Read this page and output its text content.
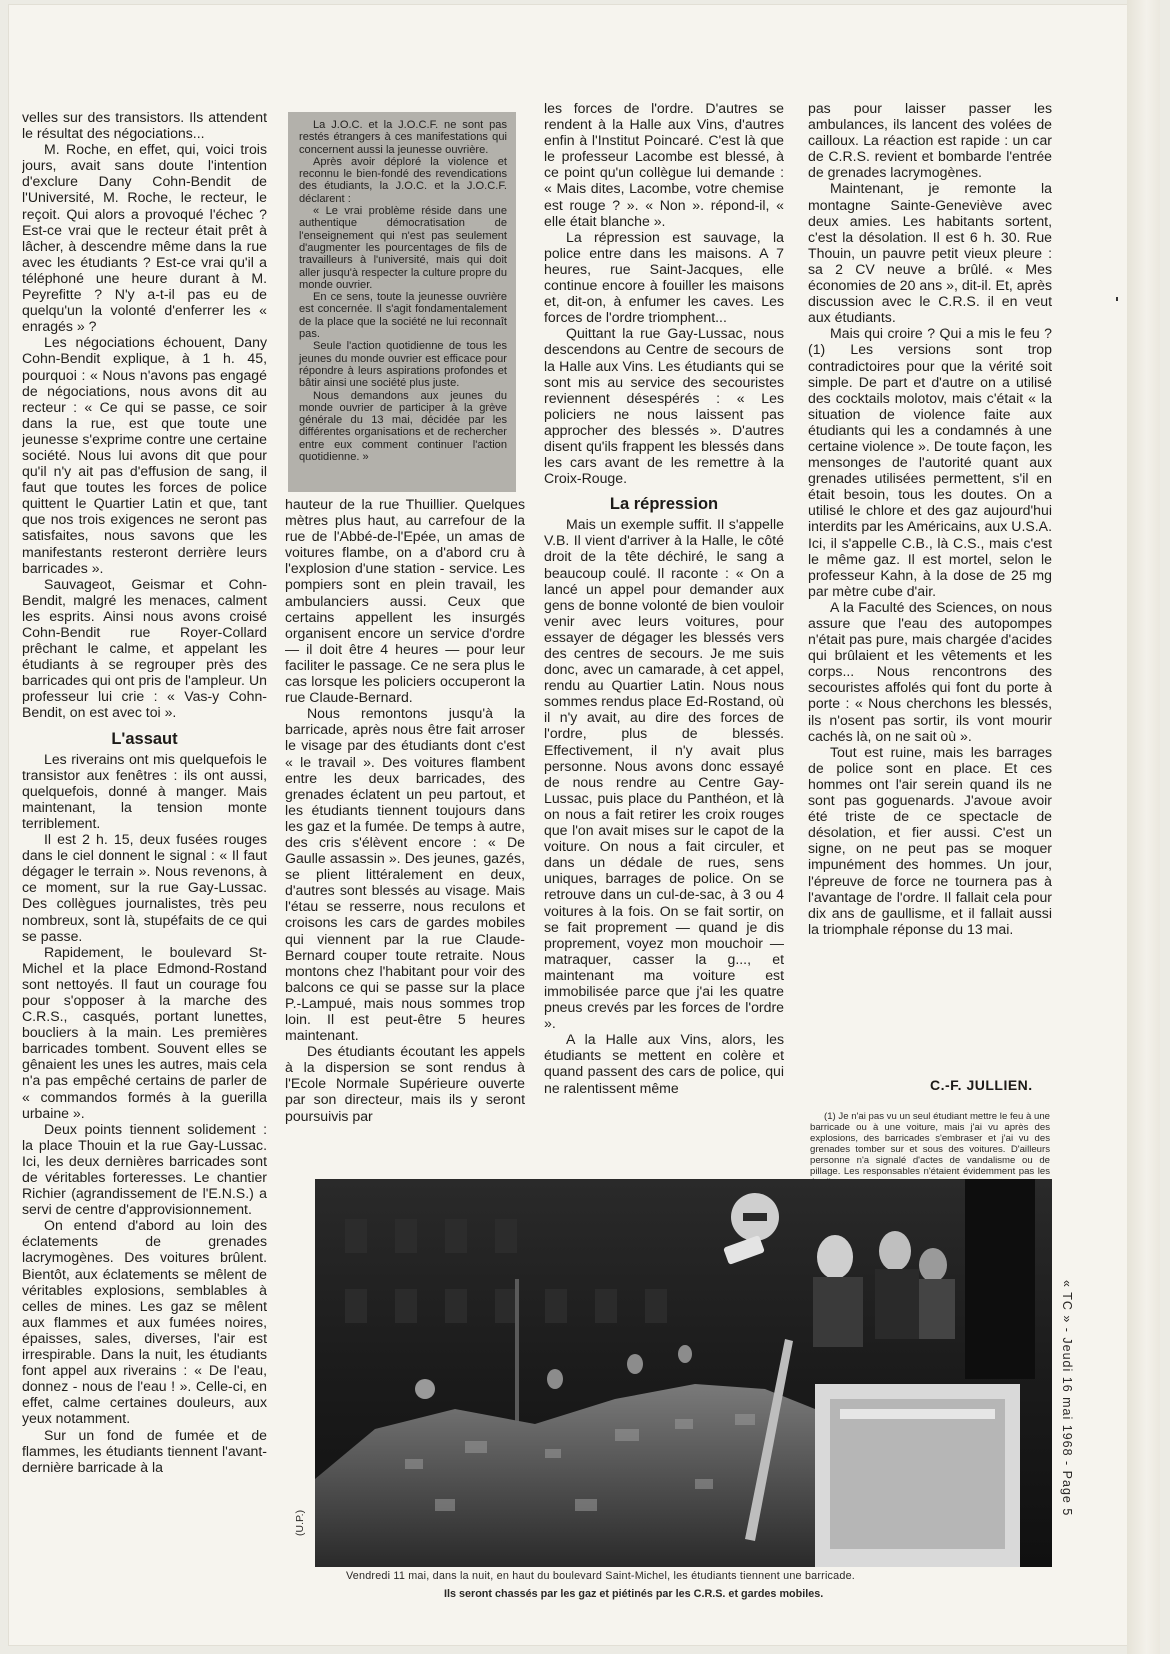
velles sur des transistors. Ils attendent le résultat des négociations...

M. Roche, en effet, qui, voici trois jours, avait sans doute l'intention d'exclure Dany Cohn-Bendit de l'Université, M. Roche, le recteur, le reçoit. Qui alors a provoqué l'échec ? Est-ce vrai que le recteur était prêt à lâcher, à descendre même dans la rue avec les étudiants ? Est-ce vrai qu'il a téléphoné une heure durant à M. Peyrefitte ? N'y a-t-il pas eu de quelqu'un la volonté d'enferrer les « enragés » ?

Les négociations échouent, Dany Cohn-Bendit explique, à 1 h. 45, pourquoi : « Nous n'avons pas engagé de négociations, nous avons dit au recteur : « Ce qui se passe, ce soir dans la rue, est que toute une jeunesse s'exprime contre une certaine société. Nous lui avons dit que pour qu'il n'y ait pas d'effusion de sang, il faut que toutes les forces de police quittent le Quartier Latin et que, tant que nos trois exigences ne seront pas satisfaites, nous savons que les manifestants resteront derrière leurs barricades ».

Sauvageot, Geismar et Cohn-Bendit, malgré les menaces, calment les esprits. Ainsi nous avons croisé Cohn-Bendit rue Royer-Collard prêchant le calme, et appelant les étudiants à se regrouper près des barricades qui ont pris de l'ampleur. Un professeur lui crie : « Vas-y Cohn-Bendit, on est avec toi ».

L'assaut

Les riverains ont mis quelquefois le transistor aux fenêtres : ils ont aussi, quelquefois, donné à manger. Mais maintenant, la tension monte terriblement.

Il est 2 h. 15, deux fusées rouges dans le ciel donnent le signal : « Il faut dégager le terrain ». Nous revenons, à ce moment, sur la rue Gay-Lussac. Des collègues journalistes, très peu nombreux, sont là, stupéfaits de ce qui se passe.

Rapidement, le boulevard St-Michel et la place Edmond-Rostand sont nettoyés. Il faut un courage fou pour s'opposer à la marche des C.R.S., casqués, portant lunettes, boucliers à la main. Les premières barricades tombent. Souvent elles se gênaient les unes les autres, mais cela n'a pas empêché certains de parler de « commandos formés à la guerilla urbaine ».

Deux points tiennent solidement : la place Thouin et la rue Gay-Lussac. Ici, les deux dernières barricades sont de véritables forteresses. Le chantier Richier (agrandissement de l'E.N.S.) a servi de centre d'approvisionnement.

On entend d'abord au loin des éclatements de grenades lacrymogènes. Des voitures brûlent. Bientôt, aux éclatements se mêlent de véritables explosions, semblables à celles de mines. Les gaz se mêlent aux flammes et aux fumées noires, épaisses, sales, diverses, l'air est irrespirable. Dans la nuit, les étudiants font appel aux riverains : « De l'eau, donnez - nous de l'eau ! ». Celle-ci, en effet, calme certaines douleurs, aux yeux notamment.

Sur un fond de fumée et de flammes, les étudiants tiennent l'avant-dernière barricade à la

La J.O.C. et la J.O.C.F. ne sont pas restés étrangers à ces manifestations qui concernent aussi la jeunesse ouvrière.

Après avoir déploré la violence et reconnu le bien-fondé des revendications des étudiants, la J.O.C. et la J.O.C.F. déclarent :

« Le vrai problème réside dans une authentique démocratisation de l'enseignement qui n'est pas seulement d'augmenter les pourcentages de fils de travailleurs à l'université, mais qui doit aller jusqu'à respecter la culture propre du monde ouvrier.

En ce sens, toute la jeunesse ouvrière est concernée. Il s'agit fondamentalement de la place que la société ne lui reconnaît pas.

Seule l'action quotidienne de tous les jeunes du monde ouvrier est efficace pour répondre à leurs aspirations profondes et bâtir ainsi une société plus juste.

Nous demandons aux jeunes du monde ouvrier de participer à la grève générale du 13 mai, décidée par les différentes organisations et de rechercher entre eux comment continuer l'action quotidienne. »

hauteur de la rue Thuillier. Quelques mètres plus haut, au carrefour de la rue de l'Abbé-de-l'Epée, un amas de voitures flambe, on a d'abord cru à l'explosion d'une station - service. Les pompiers sont en plein travail, les ambulanciers aussi. Ceux que certains appellent les insurgés organisent encore un service d'ordre — il doit être 4 heures — pour leur faciliter le passage. Ce ne sera plus le cas lorsque les policiers occuperont la rue Claude-Bernard.

Nous remontons jusqu'à la barricade, après nous être fait arroser le visage par des étudiants dont c'est « le travail ». Des voitures flambent entre les deux barricades, des grenades éclatent un peu partout, et les étudiants tiennent toujours dans les gaz et la fumée. De temps à autre, des cris s'élèvent encore : « De Gaulle assassin ». Des jeunes, gazés, se plient littéralement en deux, d'autres sont blessés au visage. Mais l'étau se resserre, nous reculons et croisons les cars de gardes mobiles qui viennent par la rue Claude-Bernard couper toute retraite. Nous montons chez l'habitant pour voir des balcons ce qui se passe sur la place P.-Lampué, mais nous sommes trop loin. Il est peut-être 5 heures maintenant.

Des étudiants écoutant les appels à la dispersion se sont rendus à l'Ecole Normale Supérieure ouverte par son directeur, mais ils y seront poursuivis par

les forces de l'ordre. D'autres se rendent à la Halle aux Vins, d'autres enfin à l'Institut Poincaré. C'est là que le professeur Lacombe est blessé, à ce point qu'un collègue lui demande : « Mais dites, Lacombe, votre chemise est rouge ? ». « Non ». répond-il, « elle était blanche ».

La répression est sauvage, la police entre dans les maisons. A 7 heures, rue Saint-Jacques, elle continue encore à fouiller les maisons et, dit-on, à enfumer les caves. Les forces de l'ordre triomphent...

Quittant la rue Gay-Lussac, nous descendons au Centre de secours de la Halle aux Vins. Les étudiants qui se sont mis au service des secouristes reviennent désespérés : « Les policiers ne nous laissent pas approcher des blessés ». D'autres disent qu'ils frappent les blessés dans les cars avant de les remettre à la Croix-Rouge.

La répression

Mais un exemple suffit. Il s'appelle V.B. Il vient d'arriver à la Halle, le côté droit de la tête déchiré, le sang a beaucoup coulé. Il raconte : « On a lancé un appel pour demander aux gens de bonne volonté de bien vouloir venir avec leurs voitures, pour essayer de dégager les blessés vers des centres de secours. Je me suis donc, avec un camarade, à cet appel, rendu au Quartier Latin. Nous nous sommes rendus place Ed-Rostand, où il n'y avait, au dire des forces de l'ordre, plus de blessés. Effectivement, il n'y avait plus personne. Nous avons donc essayé de nous rendre au Centre Gay-Lussac, puis place du Panthéon, et là on nous a fait retirer les croix rouges que l'on avait mises sur le capot de la voiture. On nous a fait circuler, et dans un dédale de rues, sens uniques, barrages de police. On se retrouve dans un cul-de-sac, à 3 ou 4 voitures à la fois. On se fait sortir, on se fait proprement — quand je dis proprement, voyez mon mouchoir — matraquer, casser la g..., et maintenant ma voiture est immobilisée parce que j'ai les quatre pneus crevés par les forces de l'ordre ».

A la Halle aux Vins, alors, les étudiants se mettent en colère et quand passent des cars de police, qui ne ralentissent même

pas pour laisser passer les ambulances, ils lancent des volées de cailloux. La réaction est rapide : un car de C.R.S. revient et bombarde l'entrée de grenades lacrymogènes.

Maintenant, je remonte la montagne Sainte-Geneviève avec deux amies. Les habitants sortent, c'est la désolation. Il est 6 h. 30. Rue Thouin, un pauvre petit vieux pleure : sa 2 CV neuve a brûlé. « Mes économies de 20 ans », dit-il. Et, après discussion avec le C.R.S. il en veut aux étudiants.

Mais qui croire ? Qui a mis le feu ? (1) Les versions sont trop contradictoires pour que la vérité soit simple. De part et d'autre on a utilisé des cocktails molotov, mais c'était « la situation de violence faite aux étudiants qui les a condamnés à une certaine violence ». De toute façon, les mensonges de l'autorité quant aux grenades utilisées permettent, s'il en était besoin, tous les doutes. On a utilisé le chlore et des gaz aujourd'hui interdits par les Américains, aux U.S.A. Ici, il s'appelle C.B., là C.S., mais c'est le même gaz. Il est mortel, selon le professeur Kahn, à la dose de 25 mg par mètre cube d'air.

A la Faculté des Sciences, on nous assure que l'eau des autopompes n'était pas pure, mais chargée d'acides qui brûlaient et les vêtements et les corps... Nous rencontrons des secouristes affolés qui font du porte à porte : « Nous cherchons les blessés, ils n'osent pas sortir, ils vont mourir cachés là, on ne sait où ».

Tout est ruine, mais les barrages de police sont en place. Et ces hommes ont l'air serein quand ils ne sont pas goguenards. J'avoue avoir été triste de ce spectacle de désolation, et fier aussi. C'est un signe, on ne peut pas se moquer impunément des hommes. Un jour, l'épreuve de force ne tournera pas à l'avantage de l'ordre. Il fallait cela pour dix ans de gaullisme, et il fallait aussi la triomphale réponse du 13 mai.

C.-F. JULLIEN.

(1) Je n'ai pas vu un seul étudiant mettre le feu à une barricade ou à une voiture, mais j'ai vu après des explosions, des barricades s'embraser et j'ai vu des grenades tomber sur et sous des voitures. D'ailleurs personne n'a signalé d'actes de vandalisme ou de pillage. Les responsables n'étaient évidemment pas les

(U.P.)
Vendredi 11 mai, dans la nuit, en haut du boulevard Saint-Michel, les étudiants tiennent une barricade.
Ils seront chassés par les gaz et piétinés par les C.R.S. et gardes mobiles.
« TC » - Jeudi 16 mai 1968 - Page 5
